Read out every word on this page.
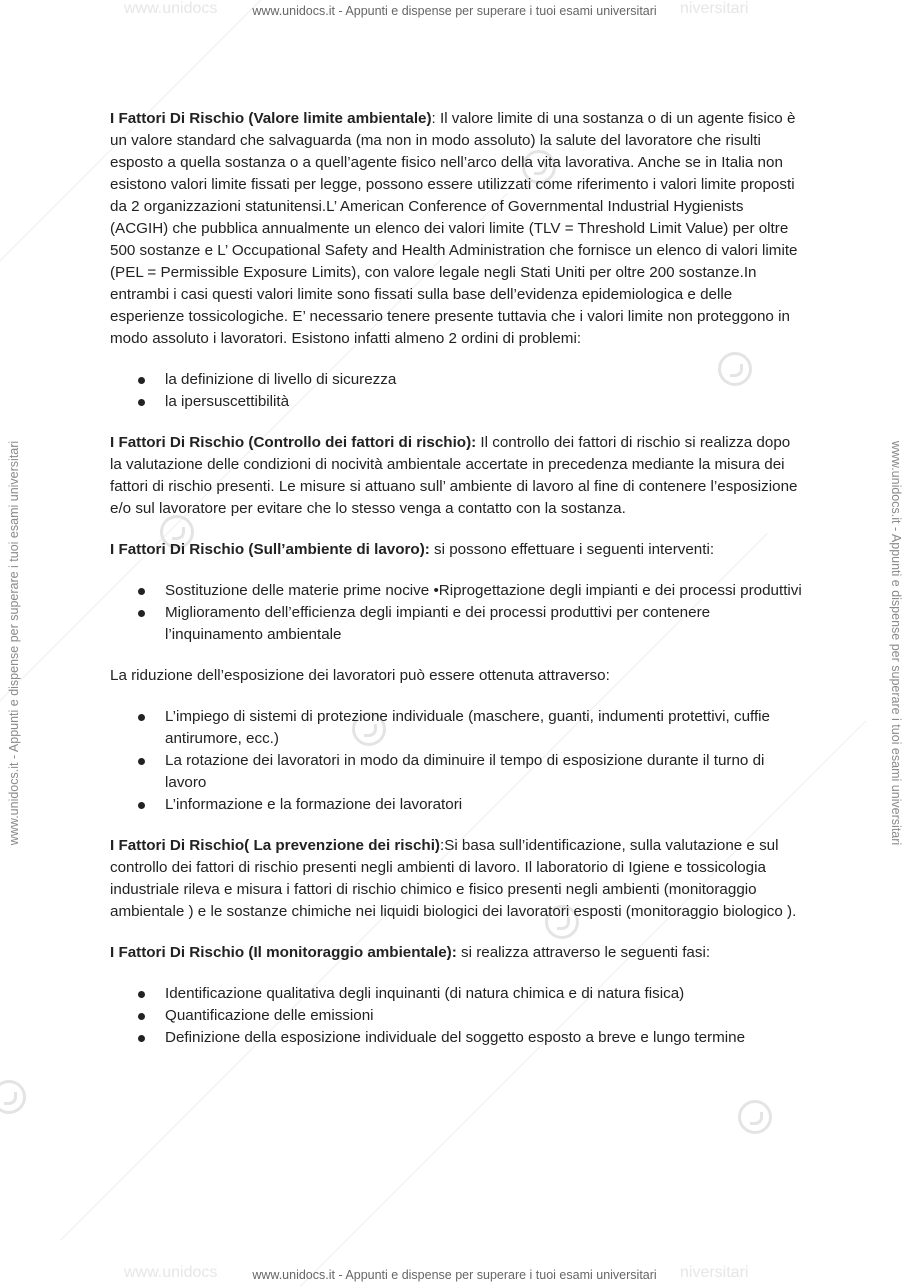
www.unidocs	www.unidocs.it - Appunti e dispense per superare i tuoi esami universitari niversitari
www.unidocs	www.unidocs.it - Appunti e dispense per superare i tuoi esami universitari niversitari
www.unidocs.it - Appunti e dispense per superare i tuoi esami universitari	www.unidocs.it - Appunti e dispense per superare i tuoi esami universitari

I Fattori Di Rischio (Valore limite ambientale): Il valore limite di una sostanza o di un agente fisico è un valore standard che salvaguarda (ma non in modo assoluto) la salute del lavoratore che risulti esposto a quella sostanza o a quell’agente fisico nell’arco della vita lavorativa. Anche se in Italia non esistono valori limite fissati per legge, possono essere utilizzati come riferimento i valori limite proposti da 2 organizzazioni statunitensi.L’ American Conference of Governmental Industrial Hygienists (ACGIH) che pubblica annualmente un elenco dei valori limite (TLV = Threshold Limit Value) per oltre 500 sostanze e L’ Occupational Safety and Health Administration che fornisce un elenco di valori limite (PEL = Permissible Exposure Limits), con valore legale negli Stati Uniti per oltre 200 sostanze.In entrambi i casi questi valori limite sono fissati sulla base dell’evidenza epidemiologica e delle esperienze tossicologiche. E’ necessario tenere presente tuttavia che i valori limite non proteggono in modo assoluto i lavoratori. Esistono infatti almeno 2 ordini di problemi:

la definizione di livello di sicurezza
la ipersuscettibilità

I Fattori Di Rischio (Controllo dei fattori di rischio): Il controllo dei fattori di rischio si realizza dopo la valutazione delle condizioni di nocività ambientale accertate in precedenza mediante la misura dei fattori di rischio presenti. Le misure si attuano sull’ ambiente di lavoro al fine di contenere l’esposizione e/o sul lavoratore per evitare che lo stesso venga a contatto con la sostanza.

I Fattori Di Rischio (Sull’ambiente di lavoro): si possono effettuare i seguenti interventi:

Sostituzione delle materie prime nocive •Riprogettazione degli impianti e dei processi produttivi
Miglioramento dell’efficienza degli impianti e dei processi produttivi per contenere l’inquinamento ambientale

La riduzione dell’esposizione dei lavoratori può essere ottenuta attraverso:

L’impiego di sistemi di protezione individuale (maschere, guanti, indumenti protettivi, cuffie antirumore, ecc.)
La rotazione dei lavoratori in modo da diminuire il tempo di esposizione durante il turno di lavoro
L’informazione e la formazione dei lavoratori

I Fattori Di Rischio( La prevenzione dei rischi):Si basa sull’identificazione, sulla valutazione e sul controllo dei fattori di rischio presenti negli ambienti di lavoro. Il laboratorio di Igiene e tossicologia industriale rileva e misura i fattori di rischio chimico e fisico presenti negli ambienti (monitoraggio ambientale ) e le sostanze chimiche nei liquidi biologici dei lavoratori esposti (monitoraggio biologico ).

I Fattori Di Rischio (Il monitoraggio ambientale): si realizza attraverso le seguenti fasi:

Identificazione qualitativa degli inquinanti (di natura chimica e di natura fisica)
Quantificazione delle emissioni
Definizione della esposizione individuale del soggetto esposto a breve e lungo termine
